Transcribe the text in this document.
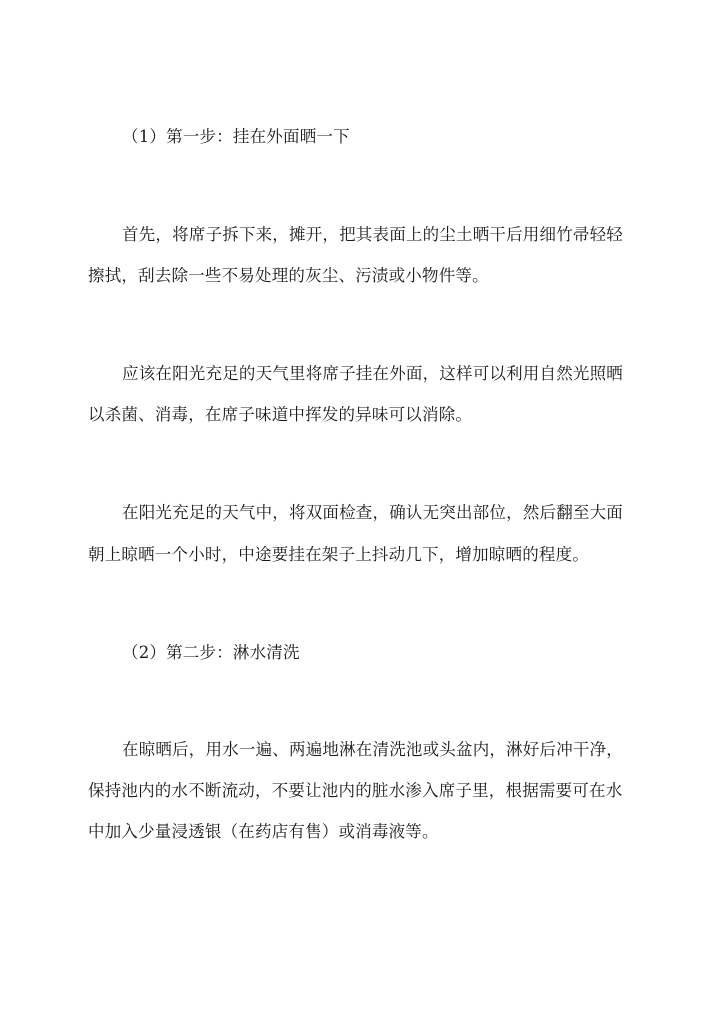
（1）第一步：挂在外面晒一下
首先，将席子拆下来，摊开，把其表面上的尘土晒干后用细竹帚轻轻
擦拭，刮去除一些不易处理的灰尘、污渍或小物件等。
应该在阳光充足的天气里将席子挂在外面，这样可以利用自然光照晒
以杀菌、消毒，在席子味道中挥发的异味可以消除。
在阳光充足的天气中，将双面检查，确认无突出部位，然后翻至大面
朝上晾晒一个小时，中途要挂在架子上抖动几下，增加晾晒的程度。
（2）第二步：淋水清洗
在晾晒后，用水一遍、两遍地淋在清洗池或头盆内，淋好后冲干净，
保持池内的水不断流动，不要让池内的脏水渗入席子里，根据需要可在水
中加入少量浸透银（在药店有售）或消毒液等。
